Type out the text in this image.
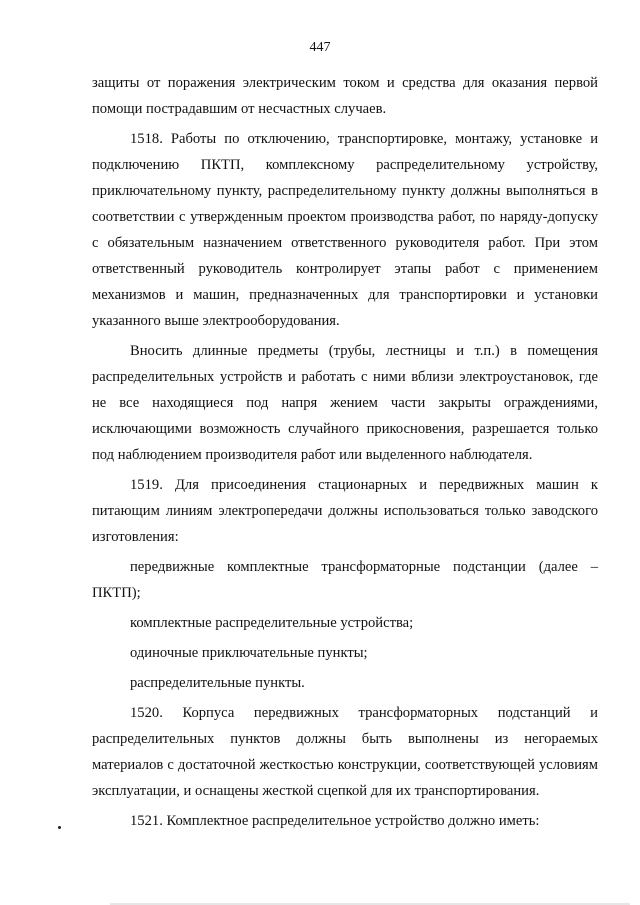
447

защиты от поражения электрическим током и средства для оказания первой помощи пострадавшим от несчастных случаев.

1518. Работы по отключению, транспортировке, монтажу, установке и подключению ПКТП, комплексному распределительному устройству, приключательному пункту, распределительному пункту должны выполняться в соответствии с утвержденным проектом производства работ, по наряду-допуску с обязательным назначением ответственного руководителя работ. При этом ответственный руководитель контролирует этапы работ с применением механизмов и машин, предназначенных для транспортировки и установки указанного выше электрооборудования.

Вносить длинные предметы (трубы, лестницы и т.п.) в помещения распределительных устройств и работать с ними вблизи электроустановок, где не все находящиеся под напря жением части закрыты ограждениями, исключающими возможность случайного прикосновения, разрешается только под наблюдением производителя работ или выделенного наблюдателя.

1519. Для присоединения стационарных и передвижных машин к питающим линиям электропередачи должны использоваться только заводского изготовления:

передвижные комплектные трансформаторные подстанции (далее – ПКТП);

комплектные распределительные устройства;

одиночные приключательные пункты;

распределительные пункты.

1520. Корпуса передвижных трансформаторных подстанций и распределительных пунктов должны быть выполнены из негораемых материалов с достаточной жесткостью конструкции, соответствующей условиям эксплуатации, и оснащены жесткой сцепкой для их транспортирования.

1521. Комплектное распределительное устройство должно иметь:
